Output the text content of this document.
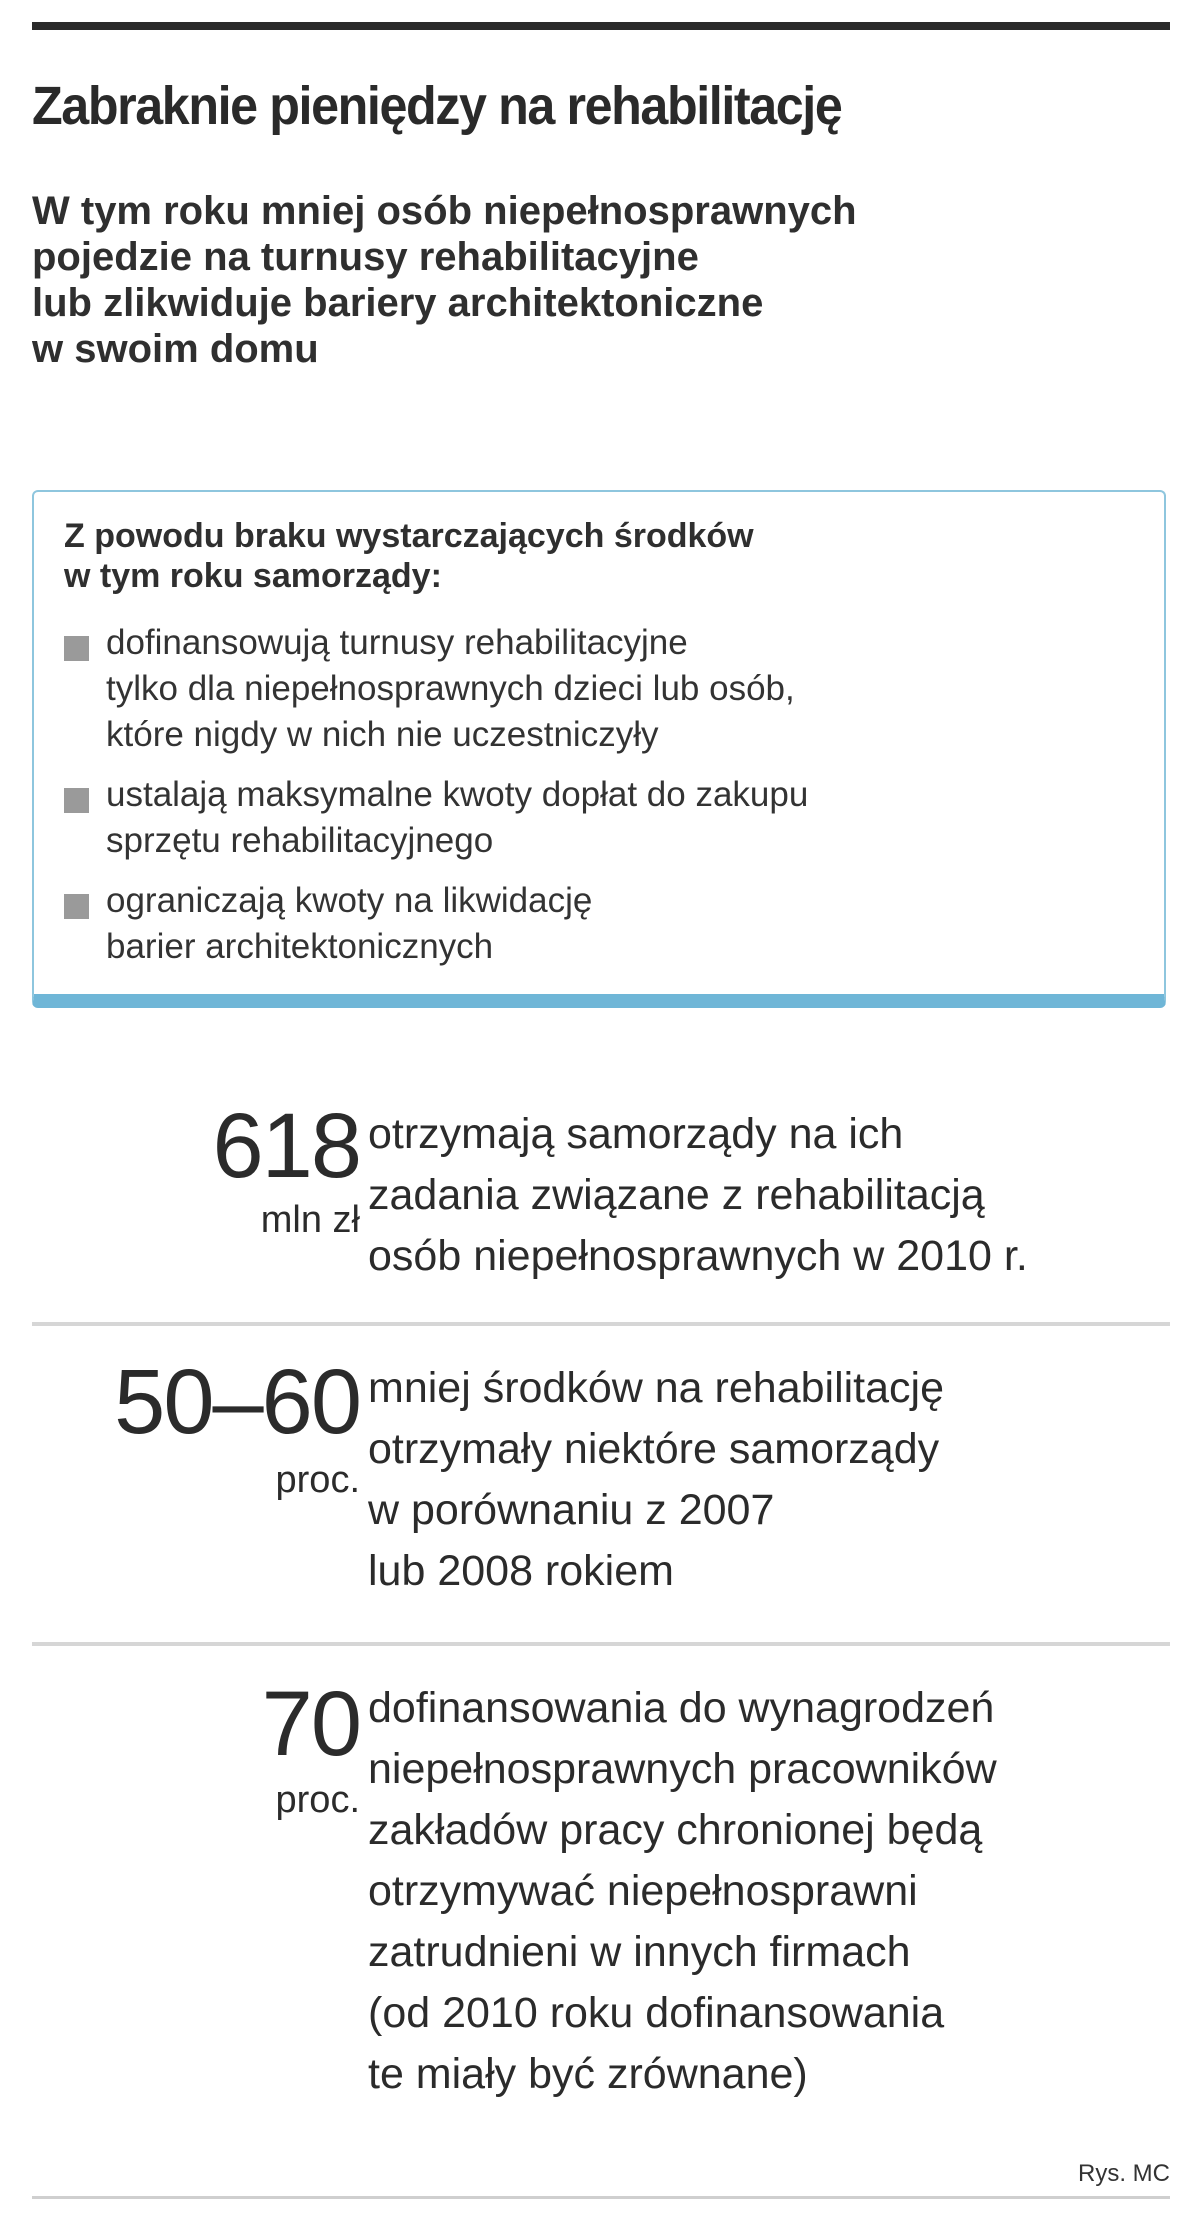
Zabraknie pieniędzy na rehabilitację
W tym roku mniej osób niepełnosprawnych
pojedzie na turnusy rehabilitacyjne
lub zlikwiduje bariery architektoniczne
w swoim domu
Z powodu braku wystarczających środków
w tym roku samorządy:
dofinansowują turnusy rehabilitacyjne
tylko dla niepełnosprawnych dzieci lub osób,
które nigdy w nich nie uczestniczyły
ustalają maksymalne kwoty dopłat do zakupu
sprzętu rehabilitacyjnego
ograniczają kwoty na likwidację
barier architektonicznych
618
mln zł
otrzymają samorządy na ich
zadania związane z rehabilitacją
osób niepełnosprawnych w 2010 r.
50–60
proc.
mniej środków na rehabilitację
otrzymały niektóre samorządy
w porównaniu z 2007
lub 2008 rokiem
70
proc.
dofinansowania do wynagrodzeń
niepełnosprawnych pracowników
zakładów pracy chronionej będą
otrzymywać niepełnosprawni
zatrudnieni w innych firmach
(od 2010 roku dofinansowania
te miały być zrównane)
Rys. MC
